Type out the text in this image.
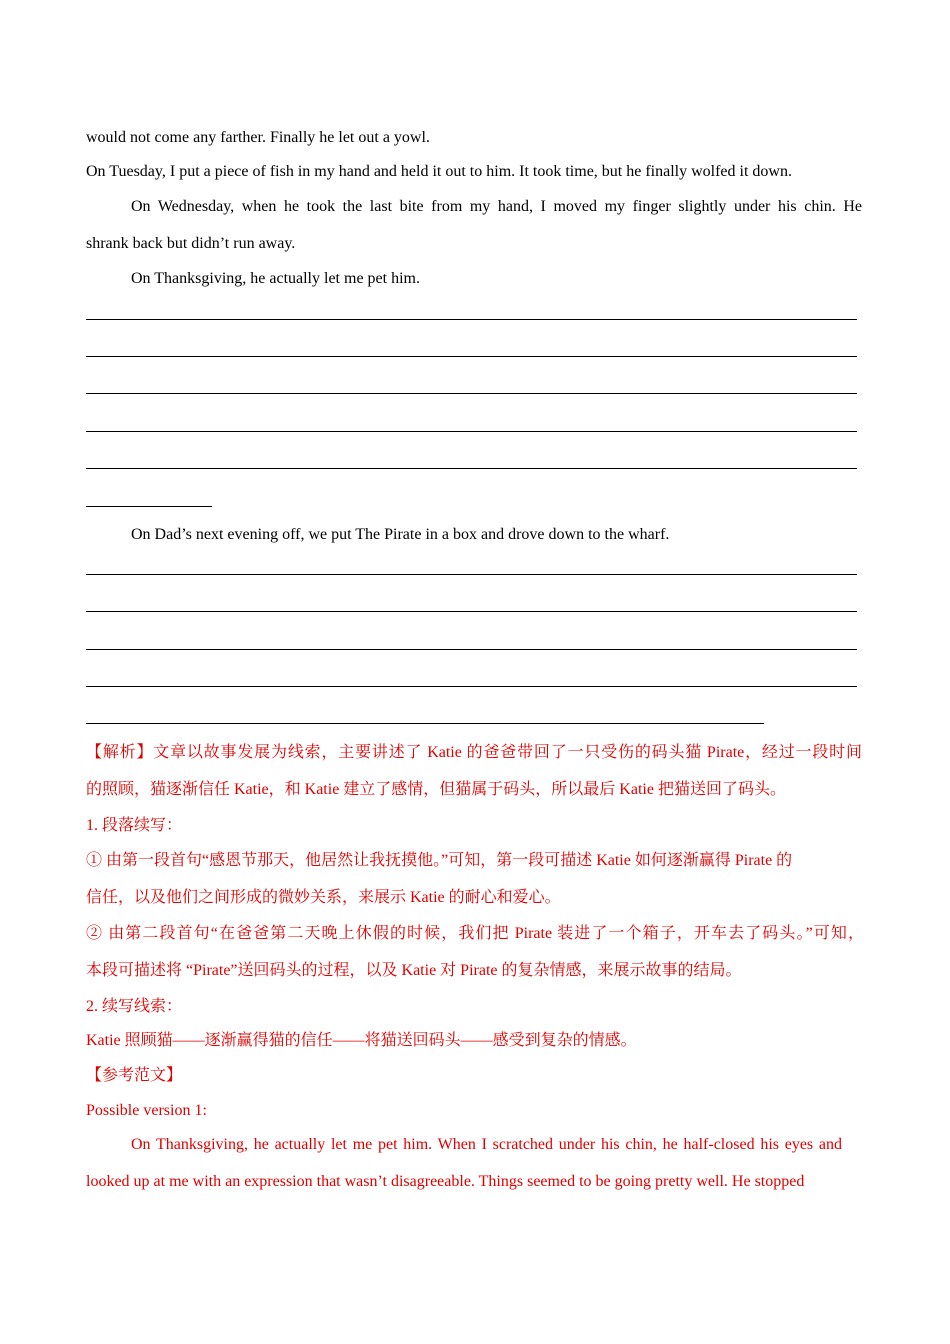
would not come any farther. Finally he let out a yowl.
On Tuesday, I put a piece of fish in my hand and held it out to him. It took time, but he finally wolfed it down.
On Wednesday, when he took the last bite from my hand, I moved my finger slightly under his chin. He
shrank back but didn’t run away.
On Thanksgiving, he actually let me pet him.
On Dad’s next evening off, we put The Pirate in a box and drove down to the wharf.
【解析】文章以故事发展为线索，主要讲述了 Katie 的爸爸带回了一只受伤的码头猫 Pirate，经过一段时间
的照顾，猫逐渐信任 Katie，和 Katie 建立了感情，但猫属于码头，所以最后 Katie 把猫送回了码头。
1. 段落续写：
① 由第一段首句“感恩节那天，他居然让我抚摸他。”可知，第一段可描述 Katie 如何逐渐赢得 Pirate 的
信任，以及他们之间形成的微妙关系，来展示 Katie 的耐心和爱心。
② 由第二段首句“在爸爸第二天晚上休假的时候，我们把 Pirate 装进了一个箱子，开车去了码头。”可知，
本段可描述将 “Pirate”送回码头的过程，以及 Katie 对 Pirate 的复杂情感，来展示故事的结局。
2. 续写线索：
Katie 照顾猫——逐渐赢得猫的信任——将猫送回码头——感受到复杂的情感。
【参考范文】
Possible version 1:
On Thanksgiving, he actually let me pet him. When I scratched under his chin, he half-closed his eyes and
looked up at me with an expression that wasn’t disagreeable. Things seemed to be going pretty well. He stopped
